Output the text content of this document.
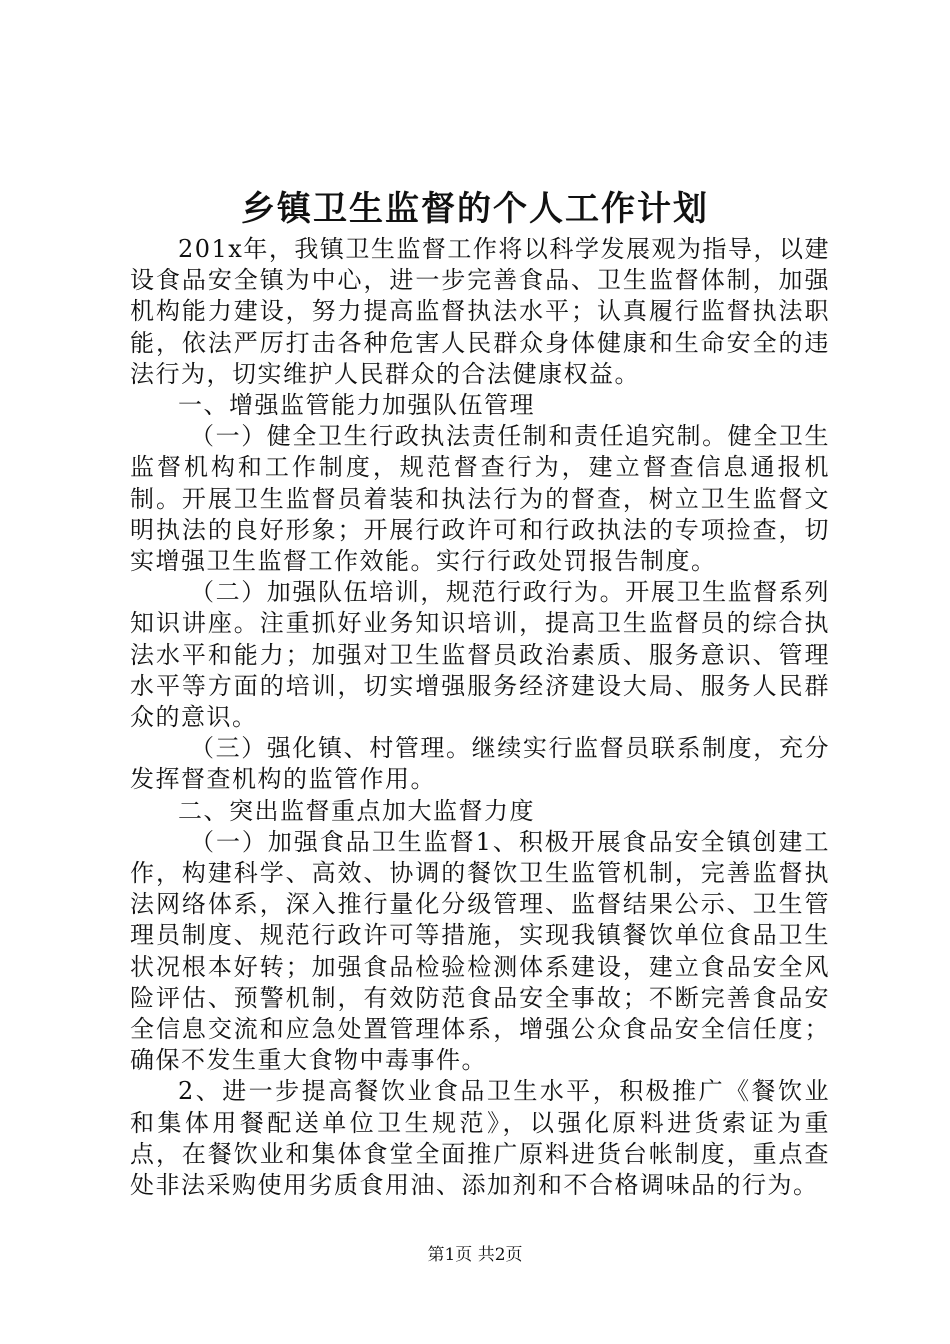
乡镇卫生监督的个人工作计划

201x年，我镇卫生监督工作将以科学发展观为指导，以建设食品安全镇为中心，进一步完善食品、卫生监督体制，加强机构能力建设，努力提高监督执法水平；认真履行监督执法职能，依法严厉打击各种危害人民群众身体健康和生命安全的违法行为，切实维护人民群众的合法健康权益。

一、增强监管能力加强队伍管理

（一）健全卫生行政执法责任制和责任追究制。健全卫生监督机构和工作制度，规范督查行为，建立督查信息通报机制。开展卫生监督员着装和执法行为的督查，树立卫生监督文明执法的良好形象；开展行政许可和行政执法的专项捡查，切实增强卫生监督工作效能。实行行政处罚报告制度。

（二）加强队伍培训，规范行政行为。开展卫生监督系列知识讲座。注重抓好业务知识培训，提高卫生监督员的综合执法水平和能力；加强对卫生监督员政治素质、服务意识、管理水平等方面的培训，切实增强服务经济建设大局、服务人民群众的意识。

（三）强化镇、村管理。继续实行监督员联系制度，充分发挥督查机构的监管作用。

二、突出监督重点加大监督力度

（一）加强食品卫生监督1、积极开展食品安全镇创建工作，构建科学、高效、协调的餐饮卫生监管机制，完善监督执法网络体系，深入推行量化分级管理、监督结果公示、卫生管理员制度、规范行政许可等措施，实现我镇餐饮单位食品卫生状况根本好转；加强食品检验检测体系建设，建立食品安全风险评估、预警机制，有效防范食品安全事故；不断完善食品安全信息交流和应急处置管理体系，增强公众食品安全信任度；确保不发生重大食物中毒事件。

2、进一步提高餐饮业食品卫生水平，积极推广《餐饮业和集体用餐配送单位卫生规范》，以强化原料进货索证为重点，在餐饮业和集体食堂全面推广原料进货台帐制度，重点查处非法采购使用劣质食用油、添加剂和不合格调味品的行为。

第1页 共2页
